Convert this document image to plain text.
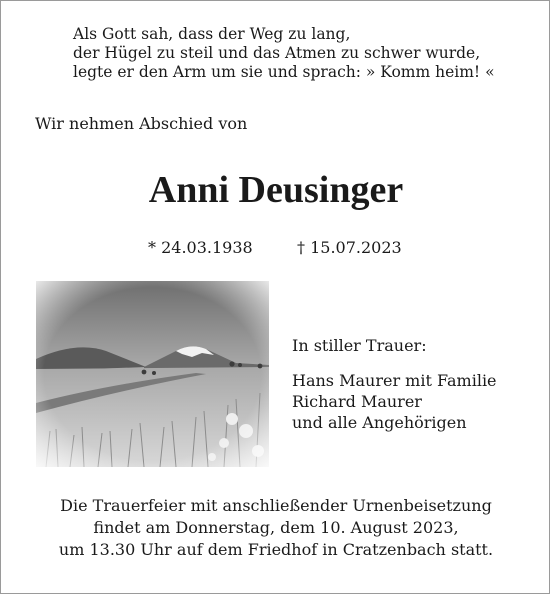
Als Gott sah, dass der Weg zu lang,
der Hügel zu steil und das Atmen zu schwer wurde,
legte er den Arm um sie und sprach: » Komm heim! «
Wir nehmen Abschied von
Anni Deusinger
* 24.03.1938	† 15.07.2023
In stiller Trauer:
Hans Maurer mit Familie
Richard Maurer
und alle Angehörigen
Die Trauerfeier mit anschließender Urnenbeisetzung
findet am Donnerstag, dem 10. August 2023,
um 13.30 Uhr auf dem Friedhof in Cratzenbach statt.
